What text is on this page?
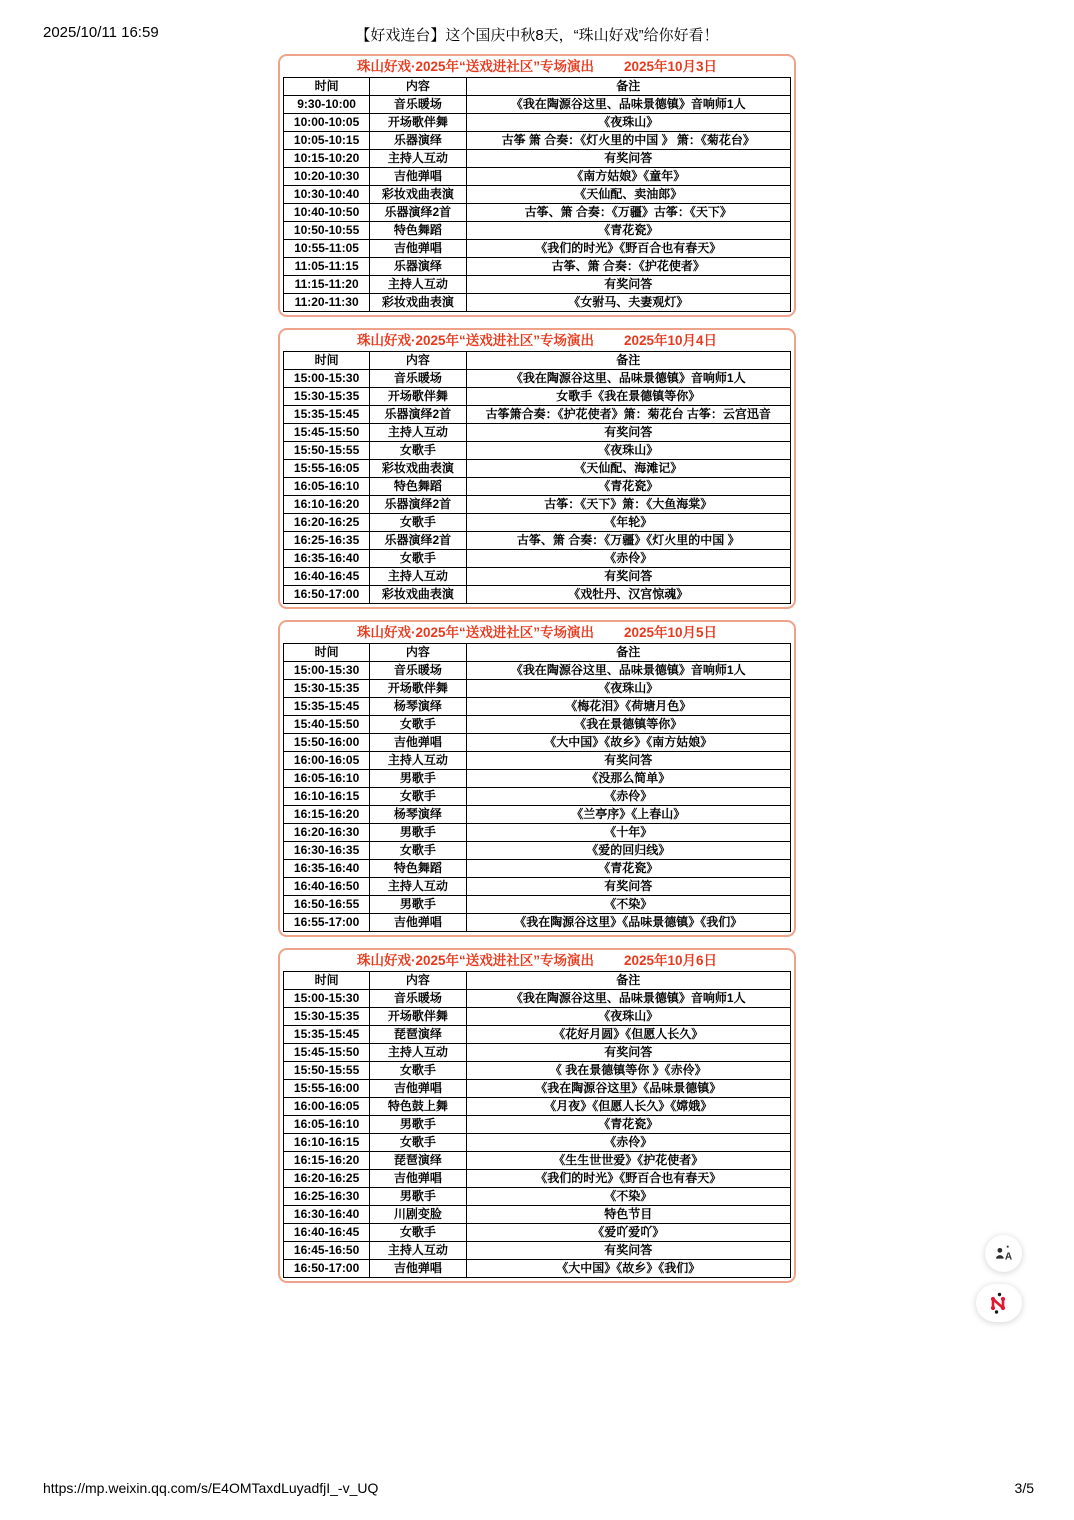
2025/10/11 16:59	【好戏连台】这个国庆中秋8天，“珠山好戏”给你好看！
珠山好戏·2025年“送戏进社区”专场演出 2025年10月3日
时间	内容	备注
9:30-10:00	音乐暖场	《我在陶源谷这里、品味景德镇》音响师1人
10:00-10:05	开场歌伴舞	《夜珠山》
10:05-10:15	乐器演绎	古筝 箫 合奏：《灯火里的中国 》 箫：《菊花台》
10:15-10:20	主持人互动	有奖问答
10:20-10:30	吉他弹唱	《南方姑娘》《童年》
10:30-10:40	彩妆戏曲表演	《天仙配、卖油郎》
10:40-10:50	乐器演绎2首	古筝、箫 合奏：《万疆》古筝：《天下》
10:50-10:55	特色舞蹈	《青花瓷》
10:55-11:05	吉他弹唱	《我们的时光》《野百合也有春天》
11:05-11:15	乐器演绎	古筝、箫 合奏：《护花使者》
11:15-11:20	主持人互动	有奖问答
11:20-11:30	彩妆戏曲表演	《女驸马、夫妻观灯》
珠山好戏·2025年“送戏进社区”专场演出 2025年10月4日
时间	内容	备注
15:00-15:30	音乐暖场	《我在陶源谷这里、品味景德镇》音响师1人
15:30-15:35	开场歌伴舞	女歌手《我在景德镇等你》
15:35-15:45	乐器演绎2首	古筝箫合奏：《护花使者》箫：菊花台 古筝：云宫迅音
15:45-15:50	主持人互动	有奖问答
15:50-15:55	女歌手	《夜珠山》
15:55-16:05	彩妆戏曲表演	《天仙配、海滩记》
16:05-16:10	特色舞蹈	《青花瓷》
16:10-16:20	乐器演绎2首	古筝：《天下》箫：《大鱼海棠》
16:20-16:25	女歌手	《年轮》
16:25-16:35	乐器演绎2首	古筝、箫 合奏：《万疆》《灯火里的中国 》
16:35-16:40	女歌手	《赤伶》
16:40-16:45	主持人互动	有奖问答
16:50-17:00	彩妆戏曲表演	《戏牡丹、汉宫惊魂》
珠山好戏·2025年“送戏进社区”专场演出 2025年10月5日
时间	内容	备注
15:00-15:30	音乐暖场	《我在陶源谷这里、品味景德镇》音响师1人
15:30-15:35	开场歌伴舞	《夜珠山》
15:35-15:45	杨琴演绎	《梅花泪》《荷塘月色》
15:40-15:50	女歌手	《我在景德镇等你》
15:50-16:00	吉他弹唱	《大中国》《故乡》《南方姑娘》
16:00-16:05	主持人互动	有奖问答
16:05-16:10	男歌手	《没那么简单》
16:10-16:15	女歌手	《赤伶》
16:15-16:20	杨琴演绎	《兰亭序》《上春山》
16:20-16:30	男歌手	《十年》
16:30-16:35	女歌手	《爱的回归线》
16:35-16:40	特色舞蹈	《青花瓷》
16:40-16:50	主持人互动	有奖问答
16:50-16:55	男歌手	《不染》
16:55-17:00	吉他弹唱	《我在陶源谷这里》《品味景德镇》《我们》
珠山好戏·2025年“送戏进社区”专场演出 2025年10月6日
时间	内容	备注
15:00-15:30	音乐暖场	《我在陶源谷这里、品味景德镇》音响师1人
15:30-15:35	开场歌伴舞	《夜珠山》
15:35-15:45	琵琶演绎	《花好月圆》《但愿人长久》
15:45-15:50	主持人互动	有奖问答
15:50-15:55	女歌手	《 我在景德镇等你 》《赤伶》
15:55-16:00	吉他弹唱	《我在陶源谷这里》《品味景德镇》
16:00-16:05	特色鼓上舞	《月夜》《但愿人长久》《嫦娥》
16:05-16:10	男歌手	《青花瓷》
16:10-16:15	女歌手	《赤伶》
16:15-16:20	琵琶演绎	《生生世世爱》《护花使者》
16:20-16:25	吉他弹唱	《我们的时光》《野百合也有春天》
16:25-16:30	男歌手	《不染》
16:30-16:40	川剧变脸	特色节目
16:40-16:45	女歌手	《爱吖爱吖》
16:45-16:50	主持人互动	有奖问答
16:50-17:00	吉他弹唱	《大中国》《故乡》《我们》
A
https://mp.weixin.qq.com/s/E4OMTaxdLuyadfjI_-v_UQ	3/5
